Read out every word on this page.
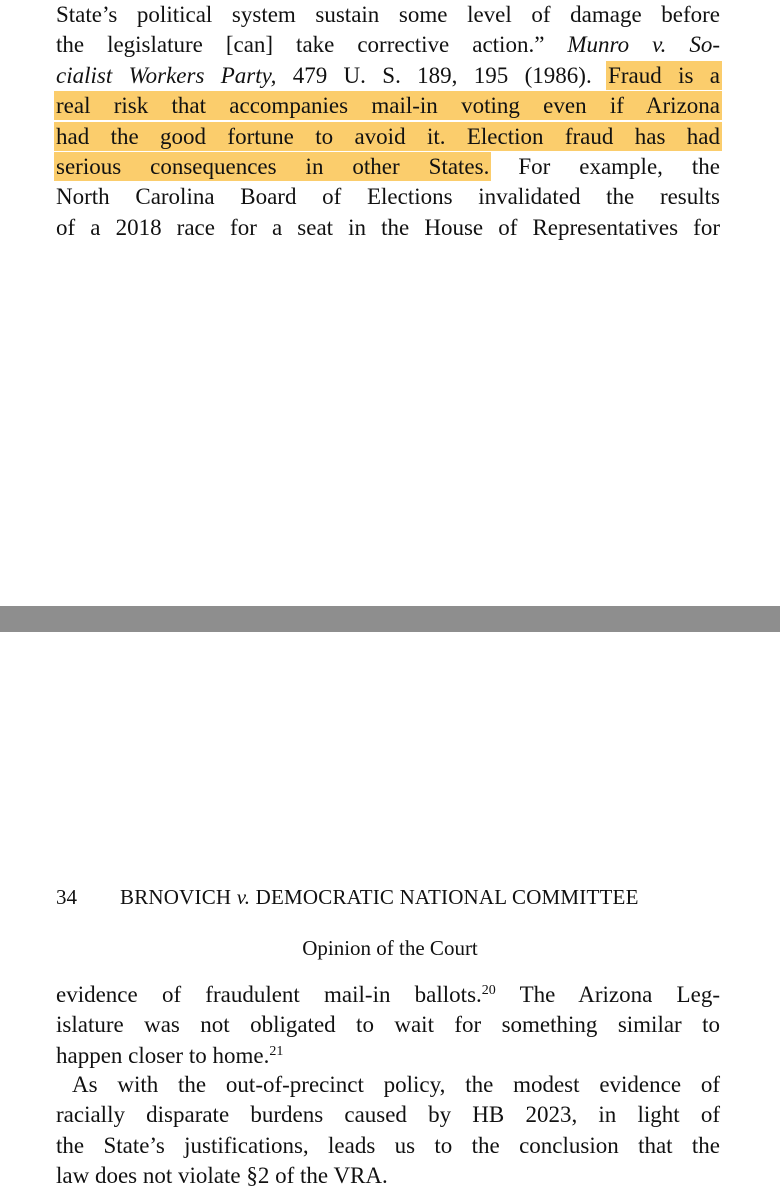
State’s political system sustain some level of damage before
the legislature [can] take corrective action.” Munro v. So-
cialist Workers Party, 479 U. S. 189, 195 (1986). Fraud is a
real risk that accompanies mail-in voting even if Arizona
had the good fortune to avoid it. Election fraud has had
serious consequences in other States. For example, the
North Carolina Board of Elections invalidated the results
of a 2018 race for a seat in the House of Representatives for
34 BRNOVICH v. DEMOCRATIC NATIONAL COMMITTEE
Opinion of the Court
evidence of fraudulent mail-in ballots.$^{20}$ The Arizona Leg-
islature was not obligated to wait for something similar to
happen closer to home.$^{21}$
As with the out-of-precinct policy, the modest evidence of
racially disparate burdens caused by HB 2023, in light of
the State’s justifications, leads us to the conclusion that the
law does not violate §2 of the VRA.
